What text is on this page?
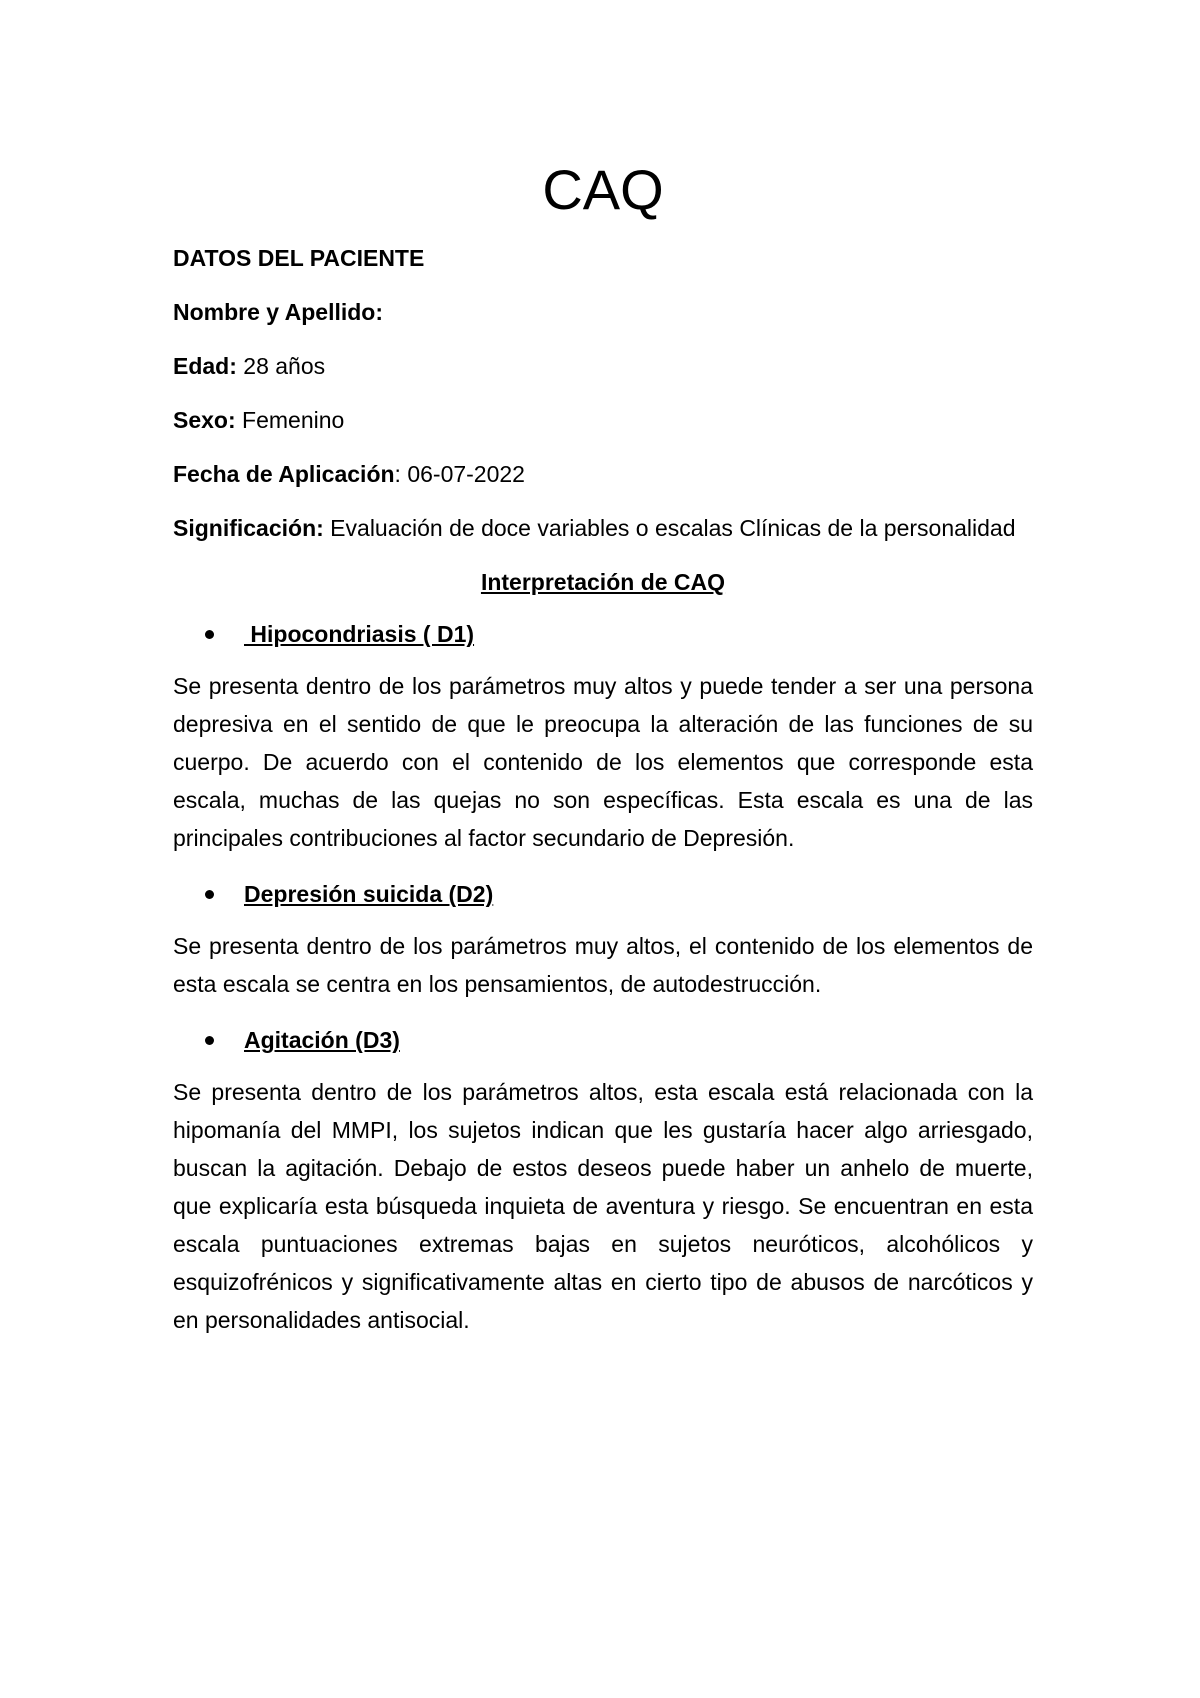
CAQ
DATOS DEL PACIENTE
Nombre y Apellido:
Edad: 28 años
Sexo: Femenino
Fecha de Aplicación: 06-07-2022
Significación: Evaluación de doce variables o escalas Clínicas de la personalidad
Interpretación de CAQ
Hipocondriasis ( D1)
Se presenta dentro de los parámetros muy altos y puede tender a ser una persona depresiva en el sentido de que le preocupa la alteración de las funciones de su cuerpo. De acuerdo con el contenido de los elementos que corresponde esta escala, muchas de las quejas no son específicas. Esta escala es una de las principales contribuciones al factor secundario de Depresión.
Depresión suicida (D2)
Se presenta dentro de los parámetros muy altos, el contenido de los elementos de esta escala se centra en los pensamientos, de autodestrucción.
Agitación (D3)
Se presenta dentro de los parámetros altos, esta escala está relacionada con la hipomanía del MMPI, los sujetos indican que les gustaría hacer algo arriesgado, buscan la agitación. Debajo de estos deseos puede haber un anhelo de muerte, que explicaría esta búsqueda inquieta de aventura y riesgo. Se encuentran en esta escala puntuaciones extremas bajas en sujetos neuróticos, alcohólicos y esquizofrénicos y significativamente altas en cierto tipo de abusos de narcóticos y en personalidades antisocial.
